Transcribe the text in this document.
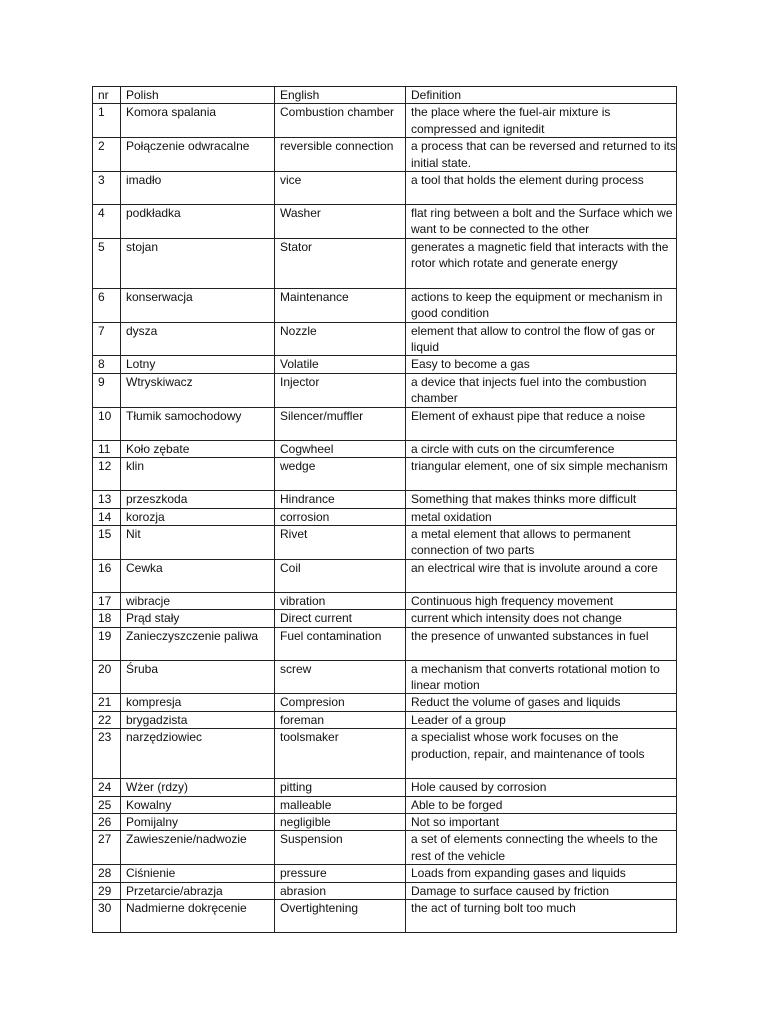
nr	Polish	English	Definition
1	Komora spalania	Combustion chamber	the place where the fuel-air mixture is compressed and ignitedit
2	Połączenie odwracalne	reversible connection	a process that can be reversed and returned to its initial state.
3	imadło	vice	a tool that holds the element during process
4	podkładka	Washer	flat ring between a bolt and the Surface which we want to be connected to the other
5	stojan	Stator	generates a magnetic field that interacts with the rotor which rotate and generate energy
6	konserwacja	Maintenance	actions to keep the equipment or mechanism in good condition
7	dysza	Nozzle	element that allow to control the flow of gas or liquid
8	Lotny	Volatile	Easy to become a gas
9	Wtryskiwacz	Injector	a device that injects fuel into the combustion chamber
10	Tłumik samochodowy	Silencer/muffler	Element of exhaust pipe that reduce a noise
11	Koło zębate	Cogwheel	a circle with cuts on the circumference
12	klin	wedge	triangular element, one of six simple mechanism
13	przeszkoda	Hindrance	Something that makes thinks more difficult
14	korozja	corrosion	metal oxidation
15	Nit	Rivet	a metal element that allows to permanent connection of two parts
16	Cewka	Coil	an electrical wire that is involute around a core
17	wibracje	vibration	Continuous high frequency movement
18	Prąd stały	Direct current	current which intensity does not change
19	Zanieczyszczenie paliwa	Fuel contamination	the presence of unwanted substances in fuel
20	Śruba	screw	a mechanism that converts rotational motion to linear motion
21	kompresja	Compresion	Reduct the volume of gases and liquids
22	brygadzista	foreman	Leader of a group
23	narzędziowiec	toolsmaker	a specialist whose work focuses on the production, repair, and maintenance of tools
24	Wżer (rdzy)	pitting	Hole caused by corrosion
25	Kowalny	malleable	Able to be forged
26	Pomijalny	negligible	Not so important
27	Zawieszenie/nadwozie	Suspension	a set of elements connecting the wheels to the rest of the vehicle
28	Ciśnienie	pressure	Loads from expanding gases and liquids
29	Przetarcie/abrazja	abrasion	Damage to surface caused by friction
30	Nadmierne dokręcenie	Overtightening	the act of turning bolt too much
